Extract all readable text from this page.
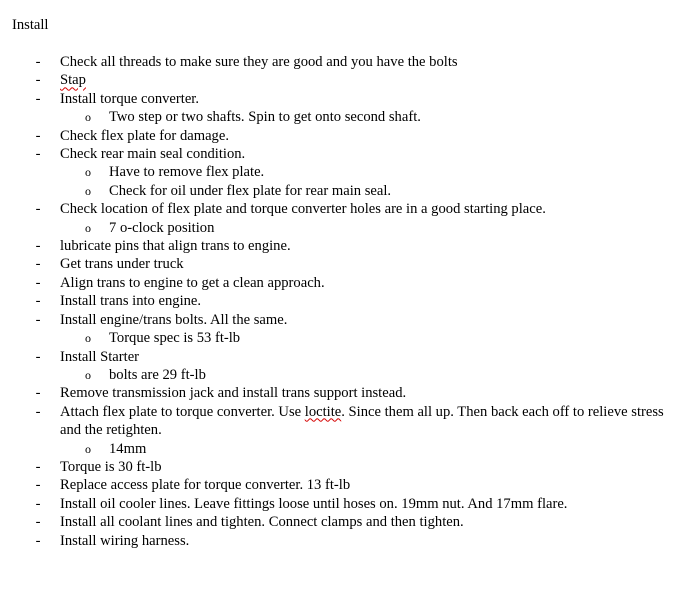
Install
-	Check all threads to make sure they are good and you have the bolts
-	Stap
-	Install torque converter.
o Two step or two shafts. Spin to get onto second shaft.
-	Check flex plate for damage.
-	Check rear main seal condition.
o Have to remove flex plate.
o Check for oil under flex plate for rear main seal.
-	Check location of flex plate and torque converter holes are in a good starting place.
o 7 o-clock position
-	lubricate pins that align trans to engine.
-	Get trans under truck
-	Align trans to engine to get a clean approach.
-	Install trans into engine.
-	Install engine/trans bolts. All the same.
o Torque spec is 53 ft-lb
-	Install Starter
o bolts are 29 ft-lb
-	Remove transmission jack and install trans support instead.
-	Attach flex plate to torque converter. Use loctite. Since them all up. Then back each off to relieve stress and the retighten.
o 14mm
-	Torque is 30 ft-lb
-	Replace access plate for torque converter. 13 ft-lb
-	Install oil cooler lines. Leave fittings loose until hoses on. 19mm nut. And 17mm flare.
-	Install all coolant lines and tighten. Connect clamps and then tighten.
-	Install wiring harness.
